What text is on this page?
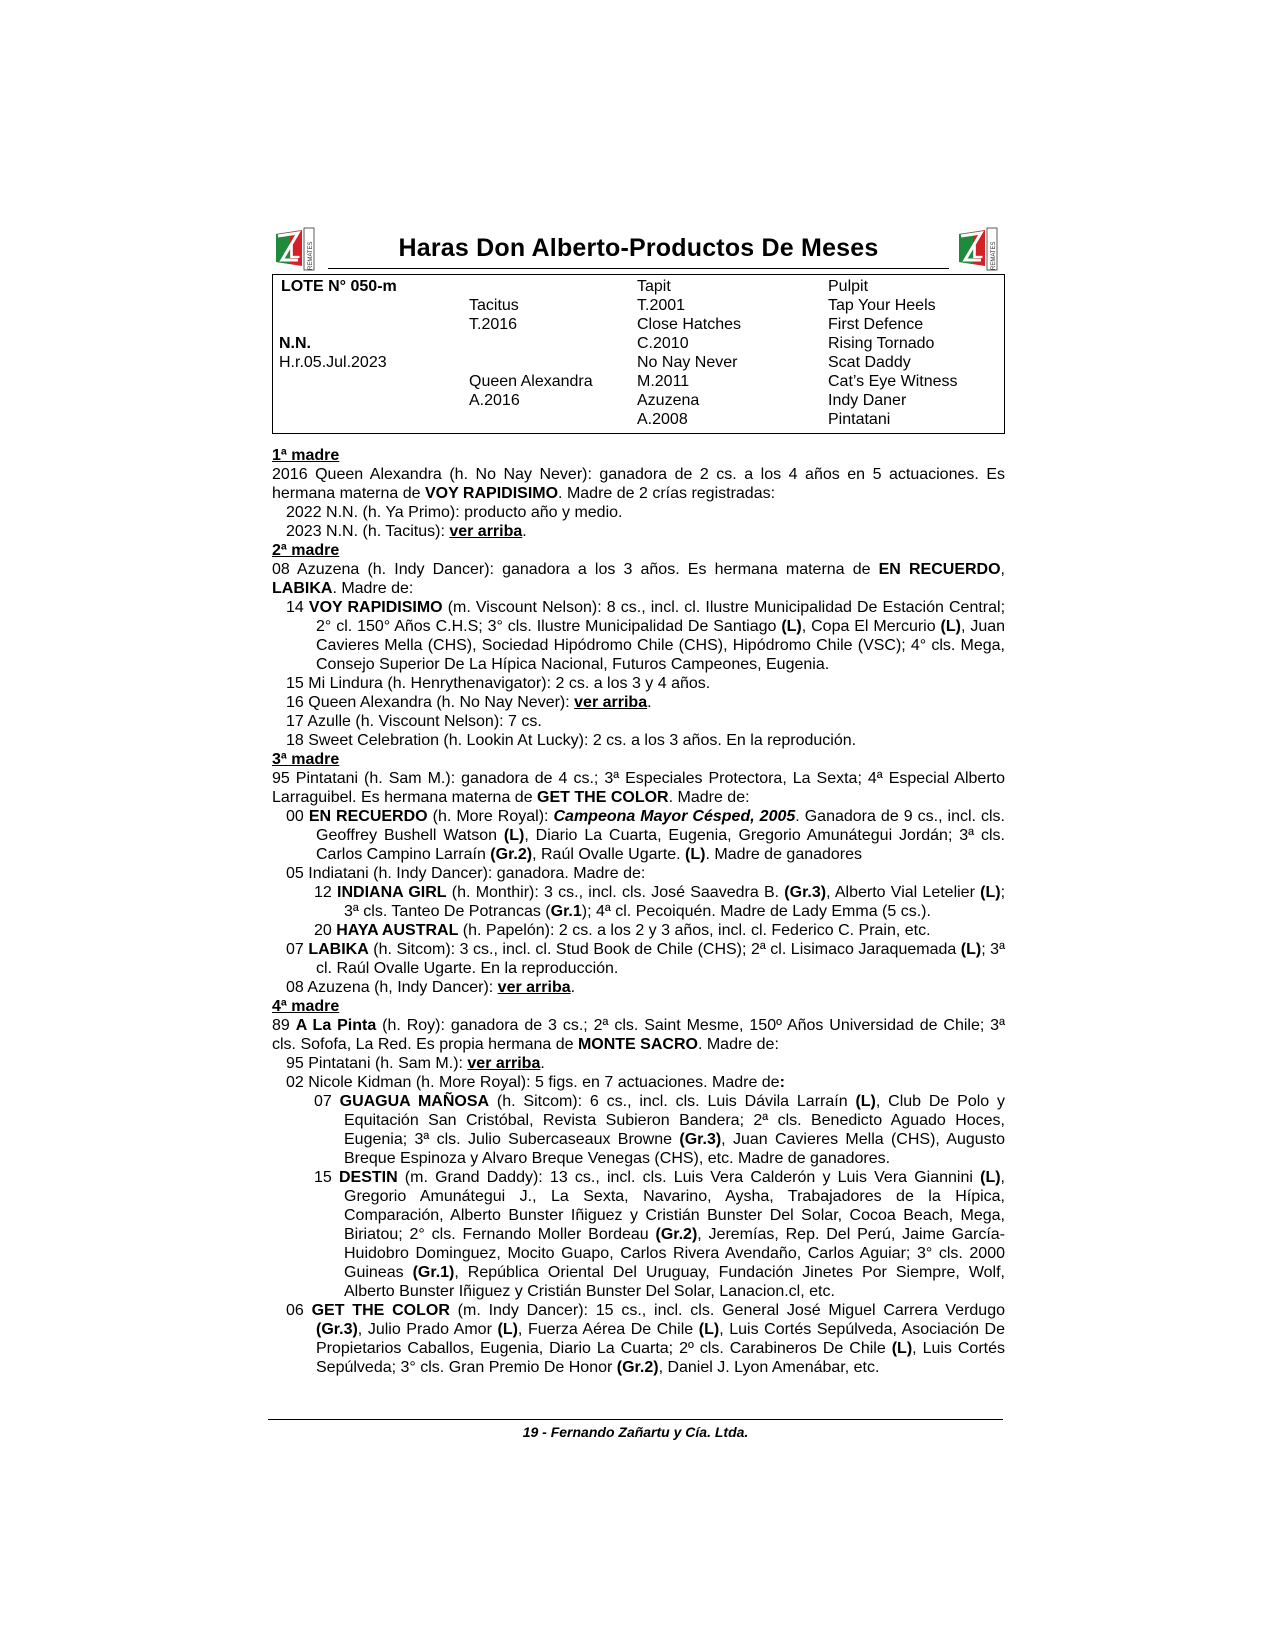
L REMATES	Haras Don Alberto-Productos De Meses	L REMATES
LOTE N° 050-m
N.N.
H.r.05.Jul.2023
Tacitus
T.2016
Queen Alexandra
A.2016
Tapit
T.2001
Close Hatches
C.2010
No Nay Never
M.2011
Azuzena
A.2008
Pulpit
Tap Your Heels
First Defence
Rising Tornado
Scat Daddy
Cat’s Eye Witness
Indy Daner
Pintatani

1ª madre

2016 Queen Alexandra (h. No Nay Never): ganadora de 2 cs. a los 4 años en 5 actuaciones. Es hermana materna de VOY RAPIDISIMO. Madre de 2 crías registradas:

2022 N.N. (h. Ya Primo): producto año y medio.

2023 N.N. (h. Tacitus): ver arriba.

2ª madre

08 Azuzena (h. Indy Dancer): ganadora a los 3 años. Es hermana materna de EN RECUERDO, LABIKA. Madre de:

14 VOY RAPIDISIMO (m. Viscount Nelson): 8 cs., incl. cl. Ilustre Municipalidad De Estación Central; 2° cl. 150° Años C.H.S; 3° cls. Ilustre Municipalidad De Santiago (L), Copa El Mercurio (L), Juan Cavieres Mella (CHS), Sociedad Hipódromo Chile (CHS), Hipódromo Chile (VSC); 4° cls. Mega, Consejo Superior De La Hípica Nacional, Futuros Campeones, Eugenia.

15 Mi Lindura (h. Henrythenavigator): 2 cs. a los 3 y 4 años.

16 Queen Alexandra (h. No Nay Never): ver arriba.

17 Azulle (h. Viscount Nelson): 7 cs.

18 Sweet Celebration (h. Lookin At Lucky): 2 cs. a los 3 años. En la reprodución.

3ª madre

95 Pintatani (h. Sam M.): ganadora de 4 cs.; 3ª Especiales Protectora, La Sexta; 4ª Especial Alberto Larraguibel. Es hermana materna de GET THE COLOR. Madre de:

00 EN RECUERDO (h. More Royal): Campeona Mayor Césped, 2005. Ganadora de 9 cs., incl. cls. Geoffrey Bushell Watson (L), Diario La Cuarta, Eugenia, Gregorio Amunátegui Jordán; 3ª cls. Carlos Campino Larraín (Gr.2), Raúl Ovalle Ugarte. (L). Madre de ganadores

05 Indiatani (h. Indy Dancer): ganadora. Madre de:

12 INDIANA GIRL (h. Monthir): 3 cs., incl. cls. José Saavedra B. (Gr.3), Alberto Vial Letelier (L); 3ª cls. Tanteo De Potrancas (Gr.1); 4ª cl. Pecoiquén. Madre de Lady Emma (5 cs.).

20 HAYA AUSTRAL (h. Papelón): 2 cs. a los 2 y 3 años, incl. cl. Federico C. Prain, etc.

07 LABIKA (h. Sitcom): 3 cs., incl. cl. Stud Book de Chile (CHS); 2ª cl. Lisimaco Jaraquemada (L); 3ª cl. Raúl Ovalle Ugarte. En la reproducción.

08 Azuzena (h, Indy Dancer): ver arriba.

4ª madre

89 A La Pinta (h. Roy): ganadora de 3 cs.; 2ª cls. Saint Mesme, 150º Años Universidad de Chile; 3ª cls. Sofofa, La Red. Es propia hermana de MONTE SACRO. Madre de:

95 Pintatani (h. Sam M.): ver arriba.

02 Nicole Kidman (h. More Royal): 5 figs. en 7 actuaciones. Madre de:

07 GUAGUA MAÑOSA (h. Sitcom): 6 cs., incl. cls. Luis Dávila Larraín (L), Club De Polo y Equitación San Cristóbal, Revista Subieron Bandera; 2ª cls. Benedicto Aguado Hoces, Eugenia; 3ª cls. Julio Subercaseaux Browne (Gr.3), Juan Cavieres Mella (CHS), Augusto Breque Espinoza y Alvaro Breque Venegas (CHS), etc. Madre de ganadores.

15 DESTIN (m. Grand Daddy): 13 cs., incl. cls. Luis Vera Calderón y Luis Vera Giannini (L), Gregorio Amunátegui J., La Sexta, Navarino, Aysha, Trabajadores de la Hípica, Comparación, Alberto Bunster Iñiguez y Cristián Bunster Del Solar, Cocoa Beach, Mega, Biriatou; 2° cls. Fernando Moller Bordeau (Gr.2), Jeremías, Rep. Del Perú, Jaime García-Huidobro Dominguez, Mocito Guapo, Carlos Rivera Avendaño, Carlos Aguiar; 3° cls. 2000 Guineas (Gr.1), República Oriental Del Uruguay, Fundación Jinetes Por Siempre, Wolf, Alberto Bunster Iñiguez y Cristián Bunster Del Solar, Lanacion.cl, etc.

06 GET THE COLOR (m. Indy Dancer): 15 cs., incl. cls. General José Miguel Carrera Verdugo (Gr.3), Julio Prado Amor (L), Fuerza Aérea De Chile (L), Luis Cortés Sepúlveda, Asociación De Propietarios Caballos, Eugenia, Diario La Cuarta; 2º cls. Carabineros De Chile (L), Luis Cortés Sepúlveda; 3° cls. Gran Premio De Honor (Gr.2), Daniel J. Lyon Amenábar, etc.

19 - Fernando Zañartu y Cía. Ltda.
